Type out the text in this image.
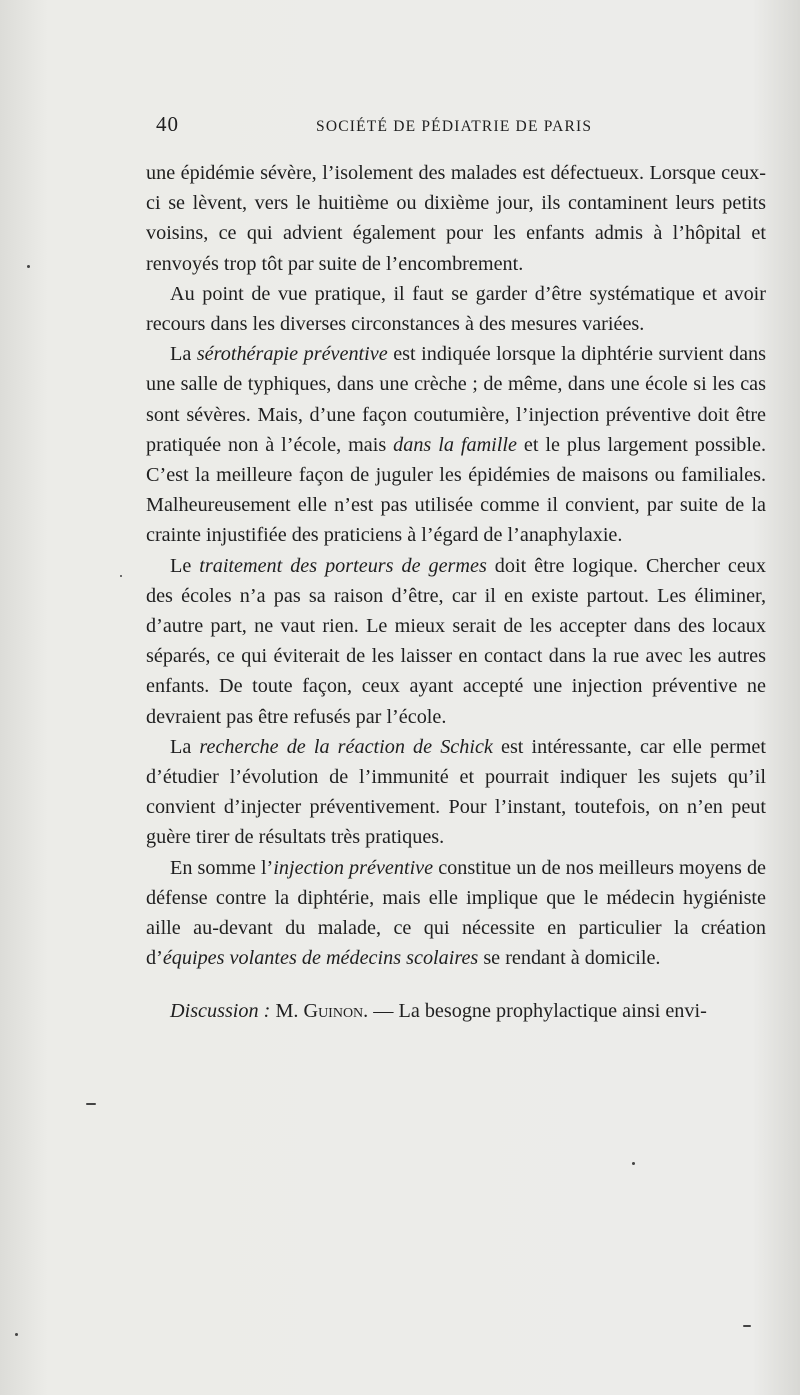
40	SOCIÉTÉ DE PÉDIATRIE DE PARIS

une épidémie sévère, l’isolement des malades est défectueux. Lorsque ceux-ci se lèvent, vers le huitième ou dixième jour, ils contaminent leurs petits voisins, ce qui advient également pour les enfants admis à l’hôpital et renvoyés trop tôt par suite de l’encombrement.

Au point de vue pratique, il faut se garder d’être systématique et avoir recours dans les diverses circonstances à des mesures variées.

La sérothérapie préventive est indiquée lorsque la diphtérie survient dans une salle de typhiques, dans une crèche ; de même, dans une école si les cas sont sévères. Mais, d’une façon coutumière, l’injection préventive doit être pratiquée non à l’école, mais dans la famille et le plus largement possible. C’est la meilleure façon de juguler les épidémies de maisons ou familiales. Malheureusement elle n’est pas utilisée comme il convient, par suite de la crainte injustifiée des praticiens à l’égard de l’anaphylaxie.

Le traitement des porteurs de germes doit être logique. Chercher ceux des écoles n’a pas sa raison d’être, car il en existe partout. Les éliminer, d’autre part, ne vaut rien. Le mieux serait de les accepter dans des locaux séparés, ce qui éviterait de les laisser en contact dans la rue avec les autres enfants. De toute façon, ceux ayant accepté une injection préventive ne devraient pas être refusés par l’école.

La recherche de la réaction de Schick est intéressante, car elle permet d’étudier l’évolution de l’immunité et pourrait indiquer les sujets qu’il convient d’injecter préventivement. Pour l’instant, toutefois, on n’en peut guère tirer de résultats très pratiques.

En somme l’injection préventive constitue un de nos meilleurs moyens de défense contre la diphtérie, mais elle implique que le médecin hygiéniste aille au-devant du malade, ce qui nécessite en particulier la création d’équipes volantes de médecins scolaires se rendant à domicile.

Discussion : M. Guinon. — La besogne prophylactique ainsi envi-
